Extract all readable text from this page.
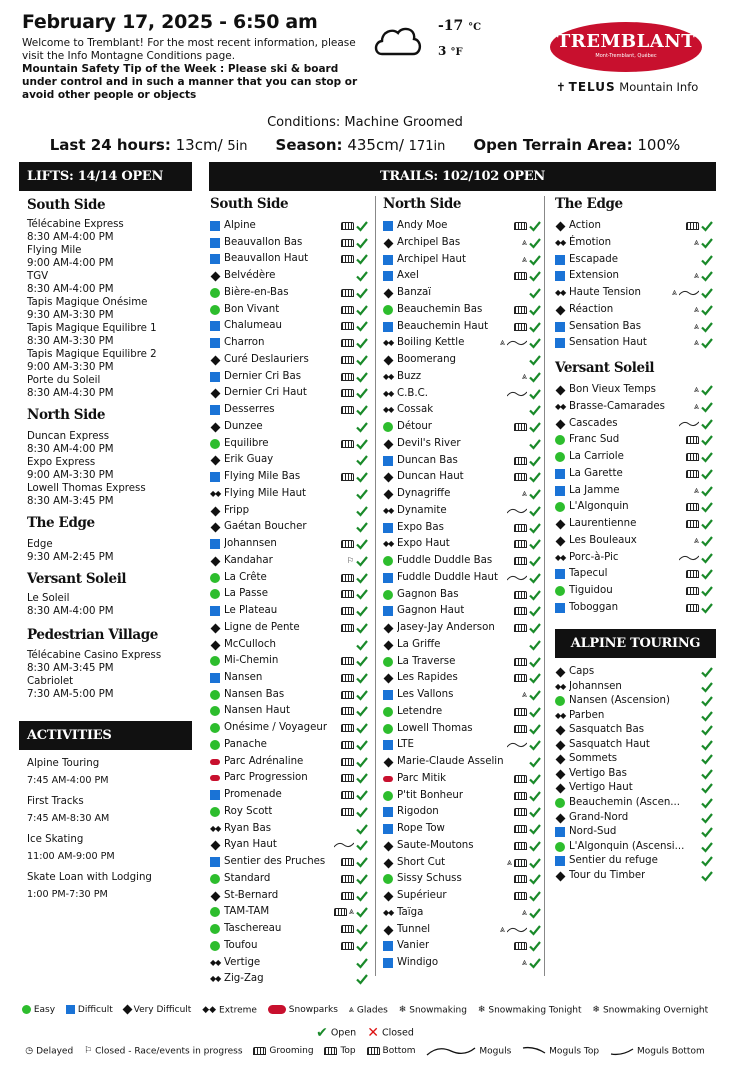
February 17, 2025 - 6:50 am
Welcome to Tremblant! For the most recent information, please visit the Info Montagne Conditions page.
Mountain Safety Tip of the Week : Please ski & board under control and in such a manner that you can stop or avoid other people or objects
-17 °C
3 °F
TREMBLANT
Mont-Tremblant, Québec
✝ TELUS Mountain Info
Conditions: Machine Groomed
Last 24 hours: 13cm/ 5in Season: 435cm/ 171in Open Terrain Area: 100%
LIFTS: 14/14 OPEN	TRAILS: 102/102 OPEN
ACTIVITIES
ALPINE TOURING
South Side
Télécabine Express
8:30 AM-4:00 PM
Flying Mile
9:00 AM-4:00 PM
TGV
8:30 AM-4:00 PM
Tapis Magique Onésime
9:30 AM-3:30 PM
Tapis Magique Equilibre 1
8:30 AM-3:30 PM
Tapis Magique Equilibre 2
9:00 AM-3:30 PM
Porte du Soleil
8:30 AM-4:30 PM
North Side
Duncan Express
8:30 AM-4:00 PM
Expo Express
9:00 AM-3:30 PM
Lowell Thomas Express
8:30 AM-3:45 PM
The Edge
Edge
9:30 AM-2:45 PM
Versant Soleil
Le Soleil
8:30 AM-4:00 PM
Pedestrian Village
Télécabine Casino Express
8:30 AM-3:45 PM
Cabriolet
7:30 AM-5:00 PM
Alpine Touring
7:45 AM-4:00 PM
First Tracks
7:45 AM-8:30 AM
Ice Skating
11:00 AM-9:00 PM
Skate Loan with Lodging
1:00 PM-7:30 PM
South Side
Alpine
Beauvallon Bas
Beauvallon Haut
Belvédère
Bière-en-Bas
Bon Vivant
Chalumeau
Charron
Curé Deslauriers
Dernier Cri Bas
Dernier Cri Haut
Desserres
Dunzee
Equilibre
Erik Guay
Flying Mile Bas
◆◆ Flying Mile Haut
Fripp
Gaétan Boucher
Johannsen
Kandahar	⚐
La Crête
La Passe
Le Plateau
Ligne de Pente
McCulloch
Mi-Chemin
Nansen
Nansen Bas
Nansen Haut
Onésime / Voyageur
Panache
Parc Adrénaline
Parc Progression
Promenade
Roy Scott
◆◆ Ryan Bas
Ryan Haut
Sentier des Pruches
Standard
St-Bernard
TAM-TAM	⩓
Taschereau
Toufou
◆◆ Vertige
◆◆ Zig-Zag
North Side
Andy Moe
Archipel Bas	⩓
Archipel Haut	⩓
Axel
Banzaï
Beauchemin Bas
Beauchemin Haut
◆◆ Boiling Kettle	⩓
Boomerang
◆◆ Buzz	⩓
◆◆ C.B.C.
◆◆ Cossak
Détour
Devil's River
Duncan Bas
Duncan Haut
Dynagriffe	⩓
◆◆ Dynamite
Expo Bas
◆◆ Expo Haut
Fuddle Duddle Bas
Fuddle Duddle Haut
Gagnon Bas
Gagnon Haut
Jasey-Jay Anderson
La Griffe
La Traverse
Les Rapides
Les Vallons	⩓
Letendre
Lowell Thomas
LTE
Marie-Claude Asselin
Parc Mitik
P'tit Bonheur
Rigodon
Rope Tow
Saute-Moutons
Short Cut	⩓
Sissy Schuss
Supérieur
◆◆ Taïga	⩓
Tunnel	⩓
Vanier
Windigo	⩓
The Edge
Action
◆◆ Émotion	⩓
Escapade
Extension	⩓
◆◆ Haute Tension	⩓
Réaction	⩓
Sensation Bas	⩓
Sensation Haut	⩓
Versant Soleil
Bon Vieux Temps	⩓
◆◆ Brasse-Camarades	⩓
Cascades
Franc Sud
La Carriole
La Garette
La Jamme	⩓
L'Algonquin
Laurentienne
Les Bouleaux	⩓
◆◆ Porc-à-Pic
Tapecul
Tiguidou
Toboggan
Caps
◆◆ Johannsen
Nansen (Ascension)
◆◆ Parben
Sasquatch Bas
Sasquatch Haut
Sommets
Vertigo Bas
Vertigo Haut
Beauchemin (Ascen...
Grand-Nord
Nord-Sud
L'Algonquin (Ascensi...
Sentier du refuge
Tour du Timber
Easy	Difficult Very Difficult ◆◆ Extreme	Snowparks ⩓ Glades ❄ Snowmaking ❄ Snowmaking Tonight ❄ Snowmaking Overnight
✔ Open ✕ Closed
◷ Delayed ⚐ Closed - Race/events in progress	Grooming	Top	Bottom	Moguls	Moguls Top	Moguls Bottom
